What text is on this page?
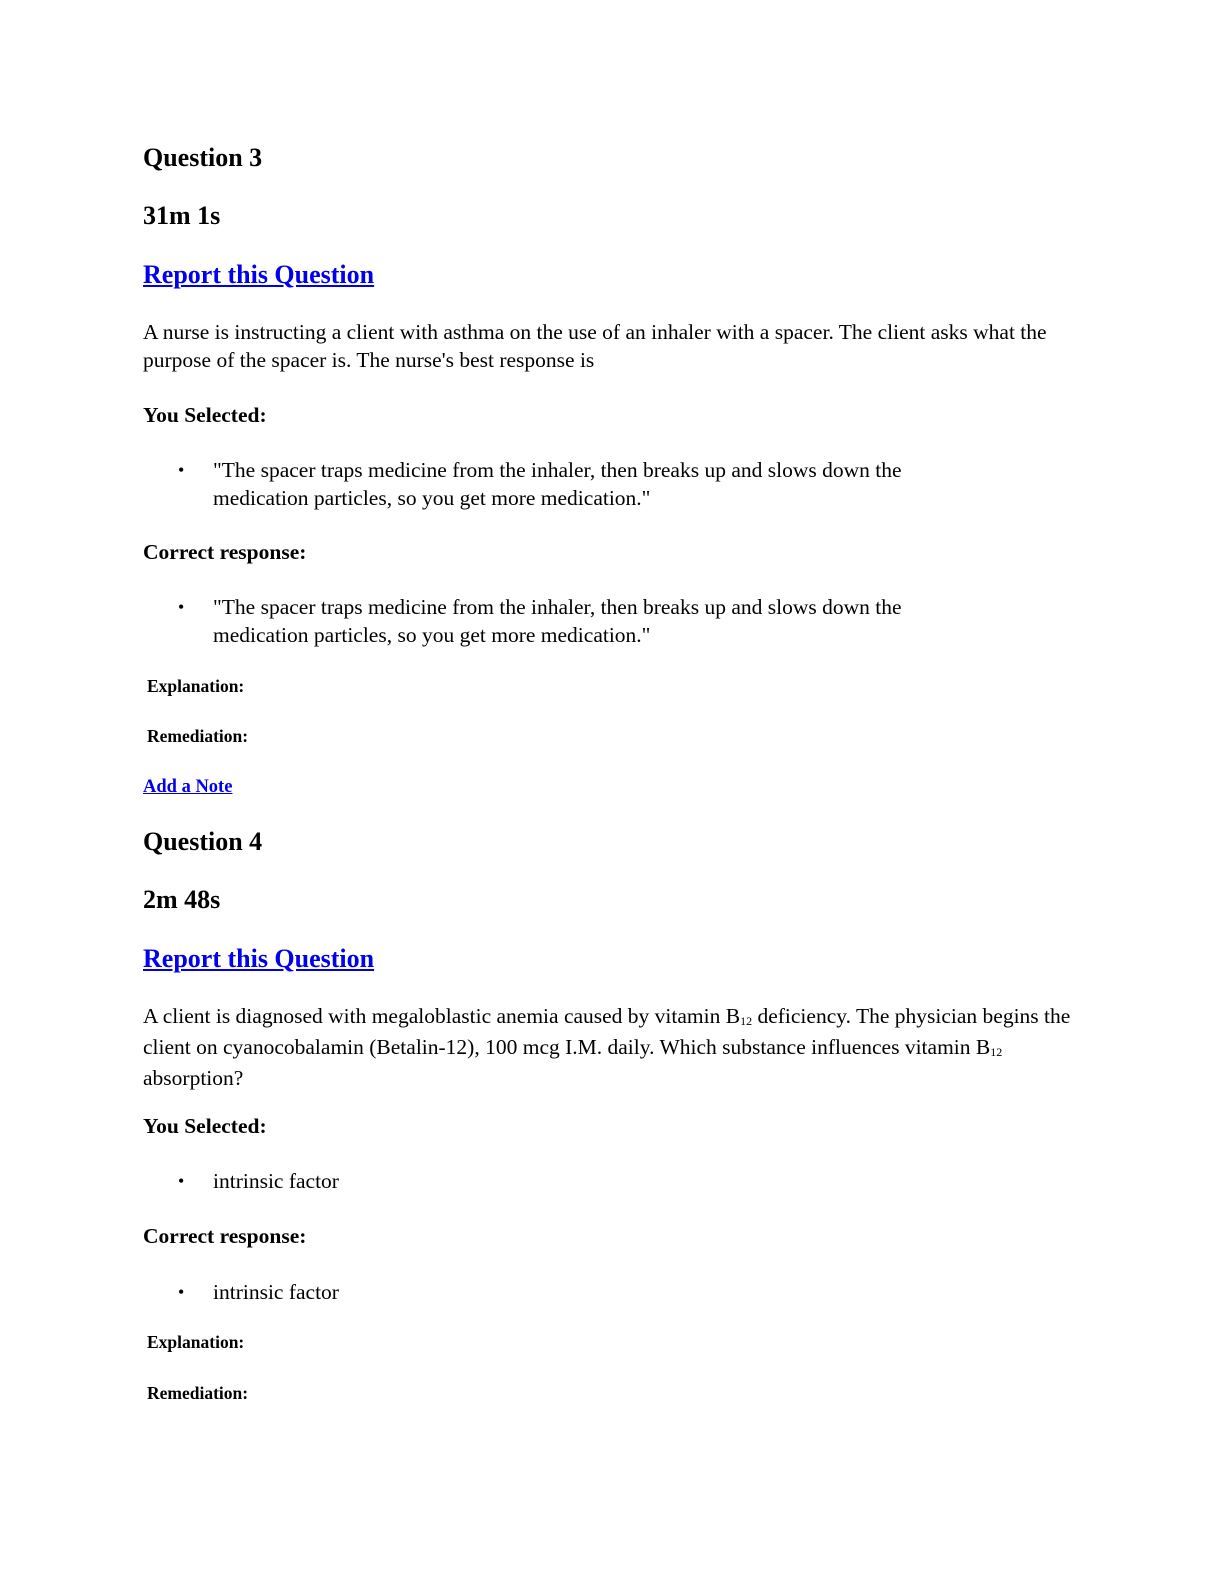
Question 3
31m 1s
Report this Question
A nurse is instructing a client with asthma on the use of an inhaler with a spacer. The client asks what the purpose of the spacer is. The nurse's best response is
You Selected:
• "The spacer traps medicine from the inhaler, then breaks up and slows down the medication particles, so you get more medication."
Correct response:
• "The spacer traps medicine from the inhaler, then breaks up and slows down the medication particles, so you get more medication."
Explanation:
Remediation:
Add a Note
Question 4
2m 48s
Report this Question
A client is diagnosed with megaloblastic anemia caused by vitamin $B_{12}$ deficiency. The physician begins the client on cyanocobalamin (Betalin-12), 100 mcg I.M. daily. Which substance influences vitamin $B_{12}$ absorption?
You Selected:
• intrinsic factor
Correct response:
• intrinsic factor
Explanation:
Remediation:
